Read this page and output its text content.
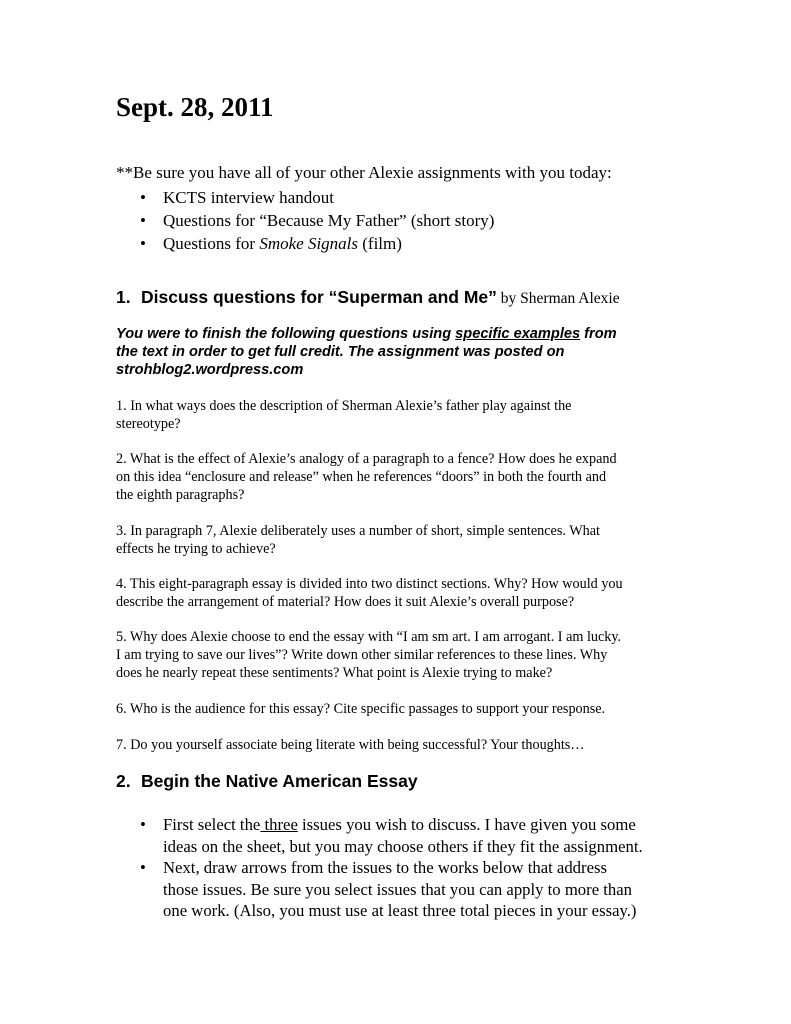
Sept. 28, 2011
**Be sure you have all of your other Alexie assignments with you today:
• KCTS interview handout
• Questions for “Because My Father” (short story)
• Questions for Smoke Signals (film)
1. Discuss questions for “Superman and Me” by Sherman Alexie
You were to finish the following questions using specific examples from
the text in order to get full credit. The assignment was posted on
strohblog2.wordpress.com
1. In what ways does the description of Sherman Alexie’s father play against the
stereotype?
2. What is the effect of Alexie’s analogy of a paragraph to a fence? How does he expand
on this idea “enclosure and release” when he references “doors” in both the fourth and
the eighth paragraphs?
3. In paragraph 7, Alexie deliberately uses a number of short, simple sentences. What
effects he trying to achieve?
4. This eight-paragraph essay is divided into two distinct sections. Why? How would you
describe the arrangement of material? How does it suit Alexie’s overall purpose?
5. Why does Alexie choose to end the essay with “I am sm art. I am arrogant. I am lucky.
I am trying to save our lives”? Write down other similar references to these lines. Why
does he nearly repeat these sentiments? What point is Alexie trying to make?
6. Who is the audience for this essay? Cite specific passages to support your response.
7. Do you yourself associate being literate with being successful? Your thoughts…
2. Begin the Native American Essay
• First select the three issues you wish to discuss. I have given you some
ideas on the sheet, but you may choose others if they fit the assignment.
• Next, draw arrows from the issues to the works below that address
those issues. Be sure you select issues that you can apply to more than
one work. (Also, you must use at least three total pieces in your essay.)
